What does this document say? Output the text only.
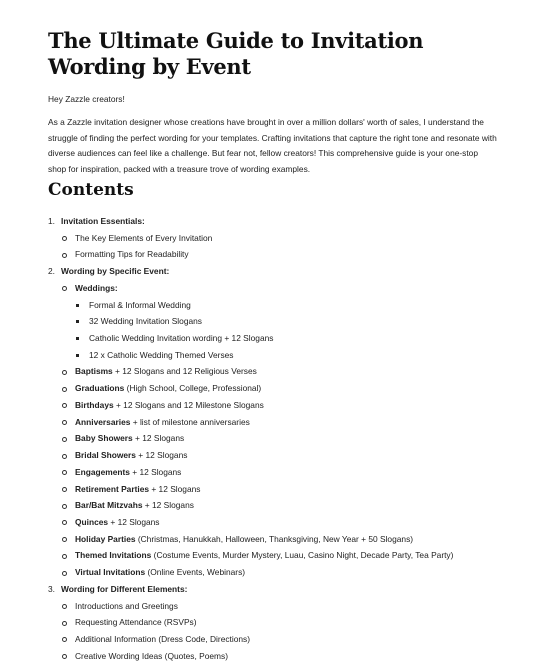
The Ultimate Guide to Invitation Wording by Event

Hey Zazzle creators!

As a Zazzle invitation designer whose creations have brought in over a million dollars' worth of sales, I understand the struggle of finding the perfect wording for your templates. Crafting invitations that capture the right tone and resonate with diverse audiences can feel like a challenge. But fear not, fellow creators! This comprehensive guide is your one-stop shop for inspiration, packed with a treasure trove of wording examples.

Contents
1. Invitation Essentials:
The Key Elements of Every Invitation
Formatting Tips for Readability
2. Wording by Specific Event:
Weddings:
Formal & Informal Wedding
32 Wedding Invitation Slogans
Catholic Wedding Invitation wording + 12 Slogans
12 x Catholic Wedding Themed Verses
Baptisms + 12 Slogans and 12 Religious Verses
Graduations (High School, College, Professional)
Birthdays + 12 Slogans and 12 Milestone Slogans
Anniversaries + list of milestone anniversaries
Baby Showers + 12 Slogans
Bridal Showers + 12 Slogans
Engagements + 12 Slogans
Retirement Parties + 12 Slogans
Bar/Bat Mitzvahs + 12 Slogans
Quinces + 12 Slogans
Holiday Parties (Christmas, Hanukkah, Halloween, Thanksgiving, New Year + 50 Slogans)
Themed Invitations (Costume Events, Murder Mystery, Luau, Casino Night, Decade Party, Tea Party)
Virtual Invitations (Online Events, Webinars)
3. Wording for Different Elements:
Introductions and Greetings
Requesting Attendance (RSVPs)
Additional Information (Dress Code, Directions)
Creative Wording Ideas (Quotes, Poems)
